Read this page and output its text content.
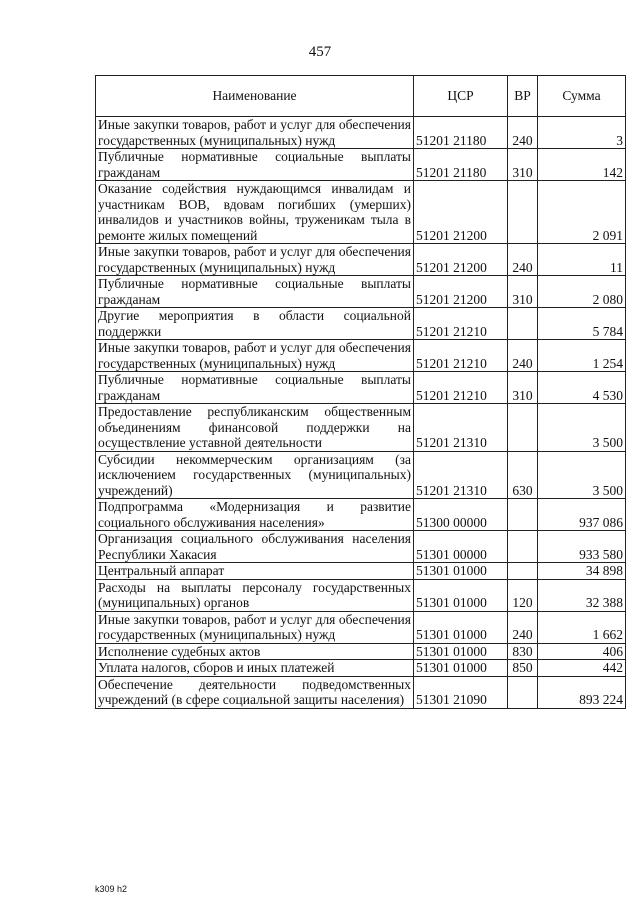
457
Наименование	ЦСР	ВР	Сумма
Иные закупки товаров, работ и услуг для обеспечения государственных (муниципальных) нужд	51201 21180	240	3
Публичные нормативные социальные выплаты гражданам	51201 21180	310	142
Оказание содействия нуждающимся инвалидам и участникам ВОВ, вдовам погибших (умерших) инвалидов и участников войны, труженикам тыла в ремонте жилых помещений	51201 21200		2 091
Иные закупки товаров, работ и услуг для обеспечения государственных (муниципальных) нужд	51201 21200	240	11
Публичные нормативные социальные выплаты гражданам	51201 21200	310	2 080
Другие мероприятия в области социальной поддержки	51201 21210		5 784
Иные закупки товаров, работ и услуг для обеспечения государственных (муниципальных) нужд	51201 21210	240	1 254
Публичные нормативные социальные выплаты гражданам	51201 21210	310	4 530
Предоставление республиканским общественным объединениям финансовой поддержки на осуществление уставной деятельности	51201 21310		3 500
Субсидии некоммерческим организациям (за исключением государственных (муниципальных) учреждений)	51201 21310	630	3 500
Подпрограмма «Модернизация и развитие социального обслуживания населения»	51300 00000		937 086
Организация социального обслуживания населения Республики Хакасия	51301 00000		933 580
Центральный аппарат	51301 01000		34 898
Расходы на выплаты персоналу государственных (муниципальных) органов	51301 01000	120	32 388
Иные закупки товаров, работ и услуг для обеспечения государственных (муниципальных) нужд	51301 01000	240	1 662
Исполнение судебных актов	51301 01000	830	406
Уплата налогов, сборов и иных платежей	51301 01000	850	442
Обеспечение деятельности подведомственных учреждений (в сфере социальной защиты населения)	51301 21090		893 224
k309 h2
